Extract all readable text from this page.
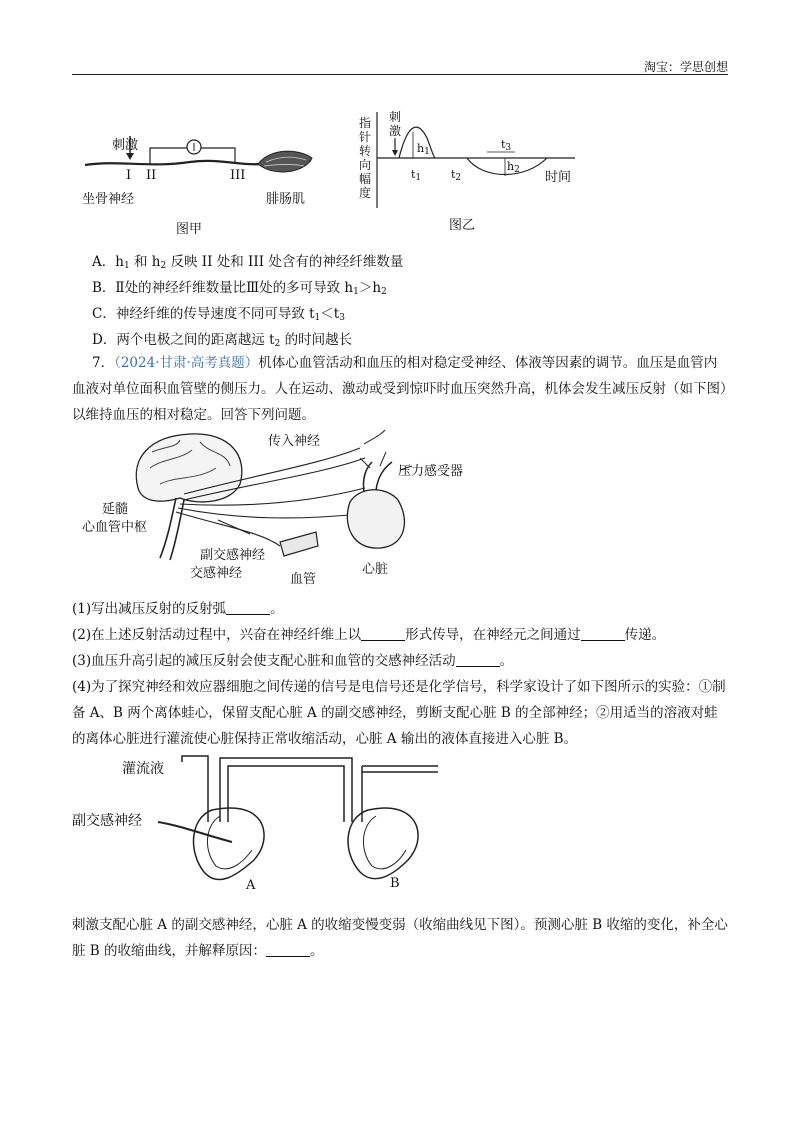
淘宝：学思创想
刺激
I II	III
坐骨神经	腓肠肌
图甲
指
针
转
向
幅
度
刺
激
$h_1$
$t_1$	$t_2$
$t_3$
$h_2$ 时间
图乙
A．$h_1$ 和 $h_2$ 反映 II 处和 III 处含有的神经纤维数量
B．Ⅱ处的神经纤维数量比Ⅲ处的多可导致 $h_1>h_2$
C．神经纤维的传导速度不同可导致 $t_1<t_3$
D．两个电极之间的距离越远 $t_2$ 的时间越长
7．（2024·甘肃·高考真题）机体心血管活动和血压的相对稳定受神经、体液等因素的调节。血压是血管内血液对单位面积血管壁的侧压力。人在运动、激动或受到惊吓时血压突然升高，机体会发生减压反射（如下图）以维持血压的相对稳定。回答下列问题。
传入神经
压力感受器
延髓
心血管中枢
副交感神经
交感神经	血管
心脏
(1)写出减压反射的反射弧	。
(2)在上述反射活动过程中，兴奋在神经纤维上以	形式传导，在神经元之间通过	传递。
(3)血压升高引起的减压反射会使支配心脏和血管的交感神经活动	。
(4)为了探究神经和效应器细胞之间传递的信号是电信号还是化学信号，科学家设计了如下图所示的实验：①制备 A、B 两个离体蛙心，保留支配心脏 A 的副交感神经，剪断支配心脏 B 的全部神经；②用适当的溶液对蛙的离体心脏进行灌流使心脏保持正常收缩活动，心脏 A 输出的液体直接进入心脏 B。
灌流液
副交感神经
A	B
刺激支配心脏 A 的副交感神经，心脏 A 的收缩变慢变弱（收缩曲线见下图）。预测心脏 B 收缩的变化，补全心脏 B 的收缩曲线，并解释原因：	。
